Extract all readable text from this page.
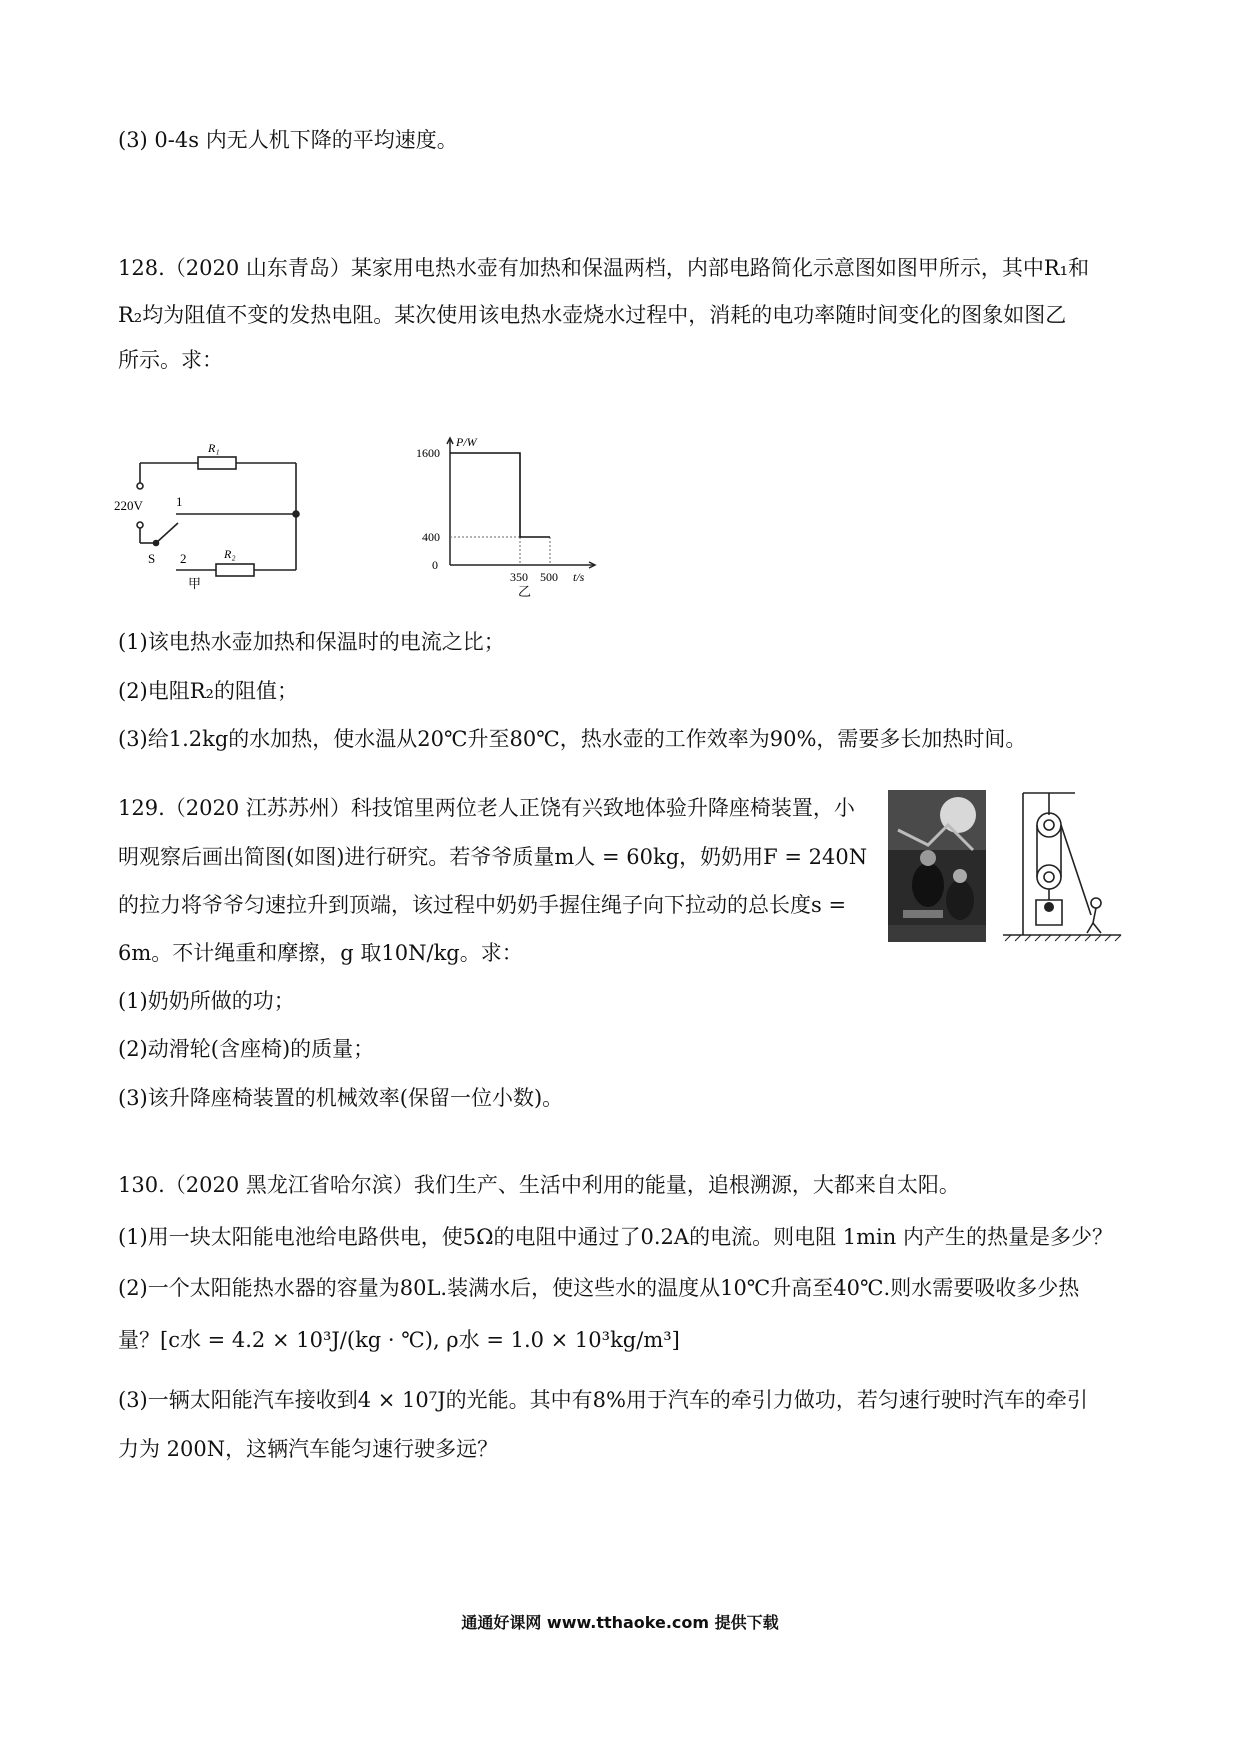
(3) 0-4s 内无人机下降的平均速度。
128.（2020 山东青岛）某家用电热水壶有加热和保温两档，内部电路简化示意图如图甲所示，其中R₁和
R₂均为阻值不变的发热电阻。某次使用该电热水壶烧水过程中，消耗的电功率随时间变化的图象如图乙
所示。求：
R₁
220V	1
S 2	R₂
甲
乙
1600
400
0
350 500
P/W
t/s
(1)该电热水壶加热和保温时的电流之比；
(2)电阻R₂的阻值；
(3)给1.2kg的水加热，使水温从20℃升至80℃，热水壶的工作效率为90%，需要多长加热时间。
129.（2020 江苏苏州）科技馆里两位老人正饶有兴致地体验升降座椅装置，小
明观察后画出简图(如图)进行研究。若爷爷质量m人 = 60kg，奶奶用F = 240N
的拉力将爷爷匀速拉升到顶端，该过程中奶奶手握住绳子向下拉动的总长度s =
6m。不计绳重和摩擦，g 取10N/kg。求：
(1)奶奶所做的功；
(2)动滑轮(含座椅)的质量；
(3)该升降座椅装置的机械效率(保留一位小数)。
130.（2020 黑龙江省哈尔滨）我们生产、生活中利用的能量，追根溯源，大都来自太阳。
(1)用一块太阳能电池给电路供电，使5Ω的电阻中通过了0.2A的电流。则电阻 1min 内产生的热量是多少？
(2)一个太阳能热水器的容量为80L.装满水后，使这些水的温度从10℃升高至40℃.则水需要吸收多少热
量？[c水 = 4.2 × 10³J/(kg · ℃), ρ水 = 1.0 × 10³kg/m³]
(3)一辆太阳能汽车接收到4 × 10⁷J的光能。其中有8%用于汽车的牵引力做功，若匀速行驶时汽车的牵引
力为 200N，这辆汽车能匀速行驶多远？
通通好课网 www.tthaoke.com 提供下载
